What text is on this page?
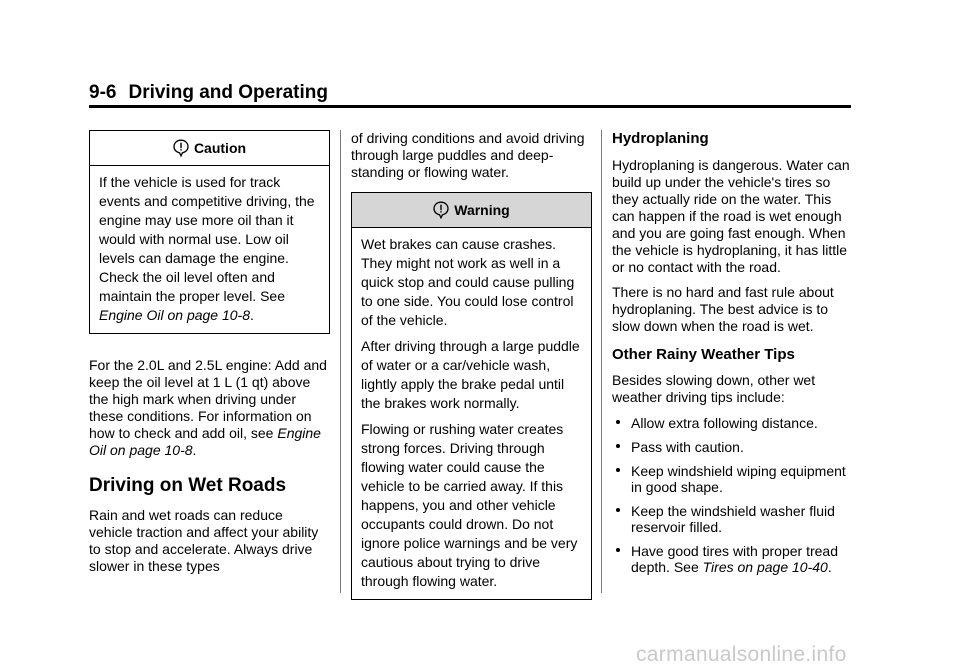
9-6 Driving and Operating
Caution

If the vehicle is used for track events and competitive driving, the engine may use more oil than it would with normal use. Low oil levels can damage the engine. Check the oil level often and maintain the proper level. See Engine Oil on page 10-8.

For the 2.0L and 2.5L engine: Add and keep the oil level at 1 L (1 qt) above the high mark when driving under these conditions. For information on how to check and add oil, see Engine Oil on page 10-8.

Driving on Wet Roads

Rain and wet roads can reduce vehicle traction and affect your ability to stop and accelerate. Always drive slower in these types

of driving conditions and avoid driving through large puddles and deep-standing or flowing water.

Warning

Wet brakes can cause crashes. They might not work as well in a quick stop and could cause pulling to one side. You could lose control of the vehicle.

After driving through a large puddle of water or a car/vehicle wash, lightly apply the brake pedal until the brakes work normally.

Flowing or rushing water creates strong forces. Driving through flowing water could cause the vehicle to be carried away. If this happens, you and other vehicle occupants could drown. Do not ignore police warnings and be very cautious about trying to drive through flowing water.

Hydroplaning

Hydroplaning is dangerous. Water can build up under the vehicle's tires so they actually ride on the water. This can happen if the road is wet enough and you are going fast enough. When the vehicle is hydroplaning, it has little or no contact with the road.

There is no hard and fast rule about hydroplaning. The best advice is to slow down when the road is wet.

Other Rainy Weather Tips

Besides slowing down, other wet weather driving tips include:

Allow extra following distance.
Pass with caution.
Keep windshield wiping equipment in good shape.
Keep the windshield washer fluid reservoir filled.
Have good tires with proper tread depth. See Tires on page 10-40.
carmanualsonline.info
